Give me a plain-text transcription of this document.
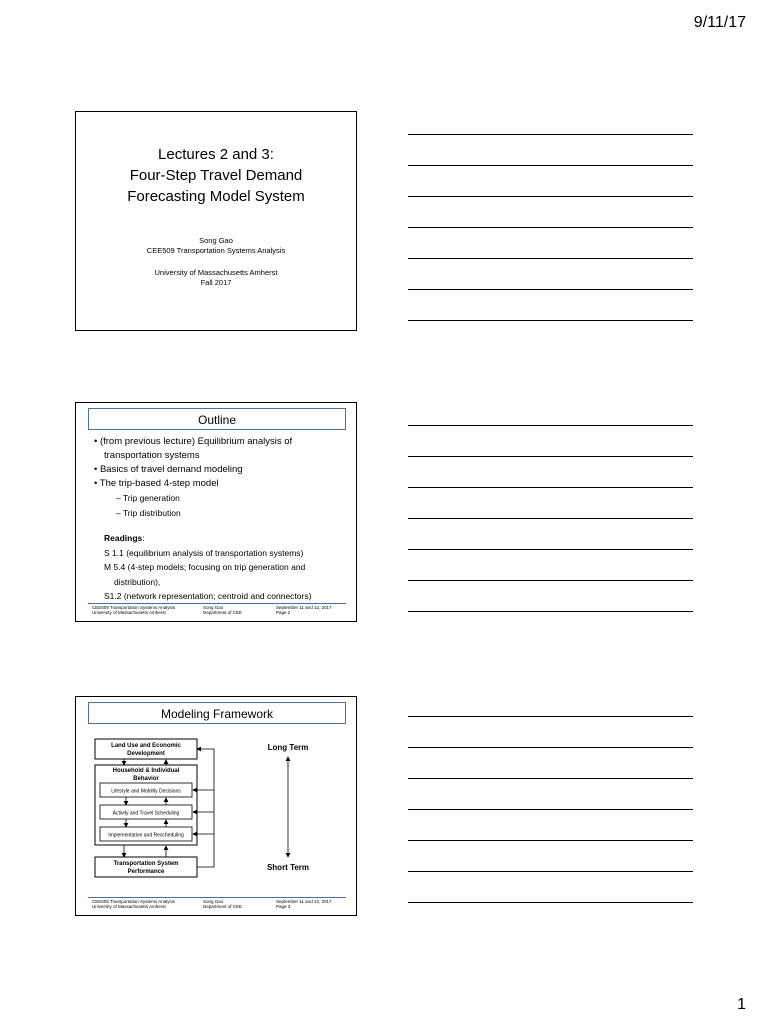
9/11/17
Lectures 2 and 3:
Four-Step Travel Demand
Forecasting Model System
Song Gao
CEE509 Transportation Systems Analysis
University of Massachusetts Amherst
Fall 2017
Outline
• (from previous lecture) Equilibrium analysis of transportation systems
• Basics of travel demand modeling
• The trip-based 4-step model
– Trip generation
– Trip distribution
Readings:
S 1.1 (equilibrium analysis of transportation systems)
M 5.4 (4-step models; focusing on trip generation and
distribution),
S1.2 (network representation; centroid and connectors)
CEE509 Transportation Systems Analysis
University of Massachusetts Amherst
Song Gao
Department of CEE
September 11 and 12, 2017
Page 2
Modeling Framework
Land Use and Economic
Development
Household & Individual
Behavior
Lifestyle and Mobility Decisions
Activity and Travel Scheduling
Implementation and Rescheduling
Transportation System
Performance
Long Term
Short Term
CEE509 Transportation Systems Analysis
University of Massachusetts Amherst
Song Gao
Department of CEE
September 11 and 12, 2017
Page 3
1
